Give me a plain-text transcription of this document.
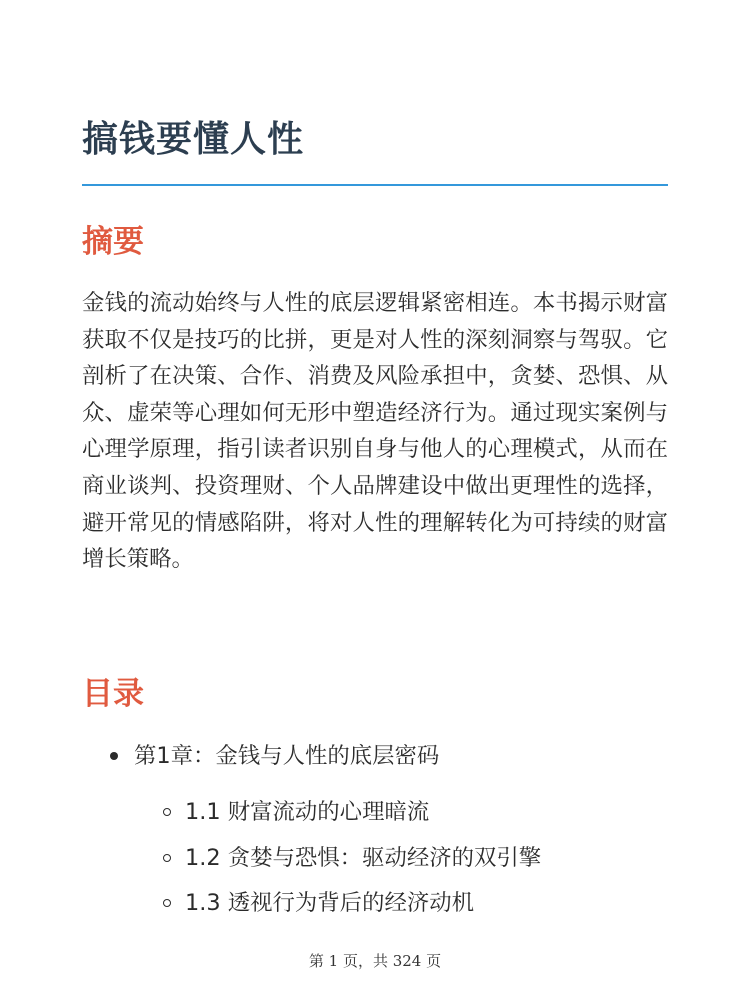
搞钱要懂人性
摘要

金钱的流动始终与人性的底层逻辑紧密相连。本书揭示财富获取不仅是技巧的比拼，更是对人性的深刻洞察与驾驭。它剖析了在决策、合作、消费及风险承担中，贪婪、恐惧、从众、虚荣等心理如何无形中塑造经济行为。通过现实案例与心理学原理，指引读者识别自身与他人的心理模式，从而在商业谈判、投资理财、个人品牌建设中做出更理性的选择，避开常见的情感陷阱，将对人性的理解转化为可持续的财富增长策略。

目录
第1章：金钱与人性的底层密码
1.1 财富流动的心理暗流
1.2 贪婪与恐惧：驱动经济的双引擎
1.3 透视行为背后的经济动机
第 1 页，共 324 页
